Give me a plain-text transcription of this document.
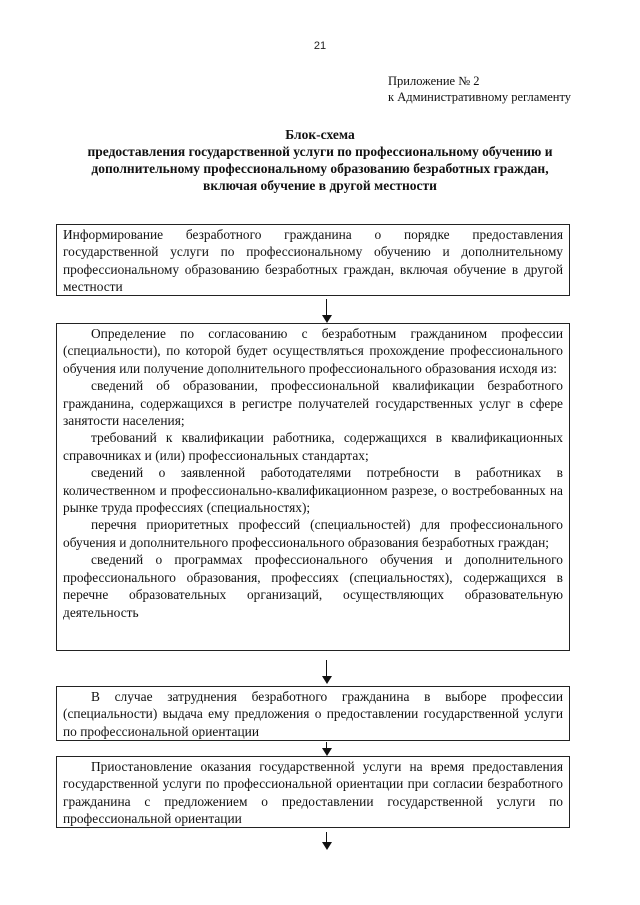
21
Приложение № 2
к Административному регламенту
Блок-схема
предоставления государственной услуги по профессиональному обучению и
дополнительному профессиональному образованию безработных граждан,
включая обучение в другой местности

Информирование безработного гражданина о порядке предоставления государственной услуги по профессиональному обучению и дополнительному профессиональному образованию безработных граждан, включая обучение в другой местности

Определение по согласованию с безработным гражданином профессии (специальности), по которой будет осуществляться прохождение профессионального обучения или получение дополнительного профессионального образования исходя из:

сведений об образовании, профессиональной квалификации безработного гражданина, содержащихся в регистре получателей государственных услуг в сфере занятости населения;

требований к квалификации работника, содержащихся в квалификационных справочниках и (или) профессиональных стандартах;

сведений о заявленной работодателями потребности в работниках в количественном и профессионально-квалификационном разрезе, о востребованных на рынке труда профессиях (специальностях);

перечня приоритетных профессий (специальностей) для профессионального обучения и дополнительного профессионального образования безработных граждан;

сведений о программах профессионального обучения и дополнительного профессионального образования, профессиях (специальностях), содержащихся в перечне образовательных организаций, осуществляющих образовательную деятельность

В случае затруднения безработного гражданина в выборе профессии (специальности) выдача ему предложения о предоставлении государственной услуги по профессиональной ориентации

Приостановление оказания государственной услуги на время предоставления государственной услуги по профессиональной ориентации при согласии безработного гражданина с предложением о предоставлении государственной услуги по профессиональной ориентации
